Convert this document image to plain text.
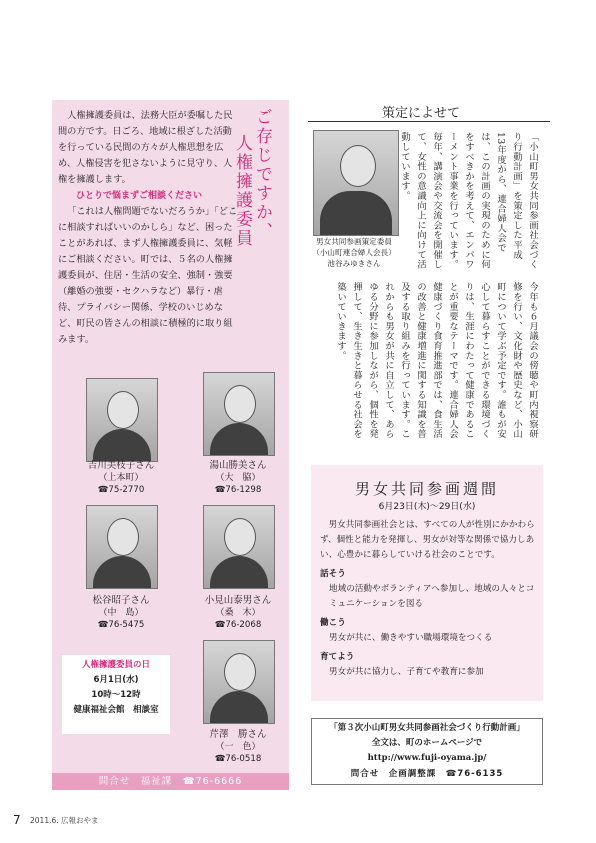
人権擁護委員は、法務大臣が委嘱した民間の方です。日ごろ、地域に根ざした活動を行っている民間の方々が人権思想を広め、人権侵害を犯さないように見守り、人権を擁護します。

ひとりで悩まずご相談ください

「これは人権問題でないだろうか」「どこに相談すればいいのかしら」など、困ったことがあれば、まず人権擁護委員に、気軽にご相談ください。町では、５名の人権擁護委員が、住居・生活の安全、強制・強要（離婚の強要・セクハラなど）暴行・虐待、プライバシー関係、学校のいじめなど、町民の皆さんの相談に積極的に取り組みます。

ご存じですか、
人権擁護委員
吉川美枝子さん
（上本町）
☎75-2770
湯山勝美さん
（大　脇）
☎76-1298
松谷昭子さん
（中　島）
☎76-5475
小見山泰男さん
（桑　木）
☎76-2068
芹澤　勝さん
（一　色）
☎76-0518
人権擁護委員の日
6月1日(水)
10時～12時
健康福祉会館　相談室
問合せ　福祉課　☎76-6666
策定によせて
男女共同参画策定委員
（小山町連合婦人会長）
池谷みゆきさん	「小山町男女共同参画社会づくり行動計画」を策定した平成13年度から、連合婦人会では、この計画の実現のために何をすべきかを考えて、エンパワーメント事業を行っています。毎年、講演会や交流会を開催して、女性の意識向上に向けて活動しています。
今年も６月議会の傍聴や町内視察研修を行い、文化財や歴史など、小山町について学ぶ予定です。誰もが安心して暮らすことができる環境づくりは、生涯にわたって健康であることが重要なテーマです。連合婦人会健康づくり食育推進部では、食生活の改善と健康増進に関する知識を普及する取り組みを行っています。これからも男女が共に自立して、あらゆる分野に参加しながら、個性を発揮して、生き生きと暮らせる社会を築いていきます。
男女共同参画週間
6月23日(木)～29日(水)

男女共同参画社会とは、すべての人が性別にかかわらず、個性と能力を発揮し、男女が対等な関係で協力しあい、心豊かに暮らしていける社会のことです。

話そう
地域の活動やボランティアへ参加し、地域の人々とコミュニケーションを図る
働こう
男女が共に、働きやすい職場環境をつくる
育てよう
男女が共に協力し、子育てや教育に参加
「第３次小山町男女共同参画社会づくり行動計画」
全文は、町のホームページで
http://www.fuji-oyama.jp/
問合せ　企画調整課　☎76-6135
7 2011.6. 広報おやま
